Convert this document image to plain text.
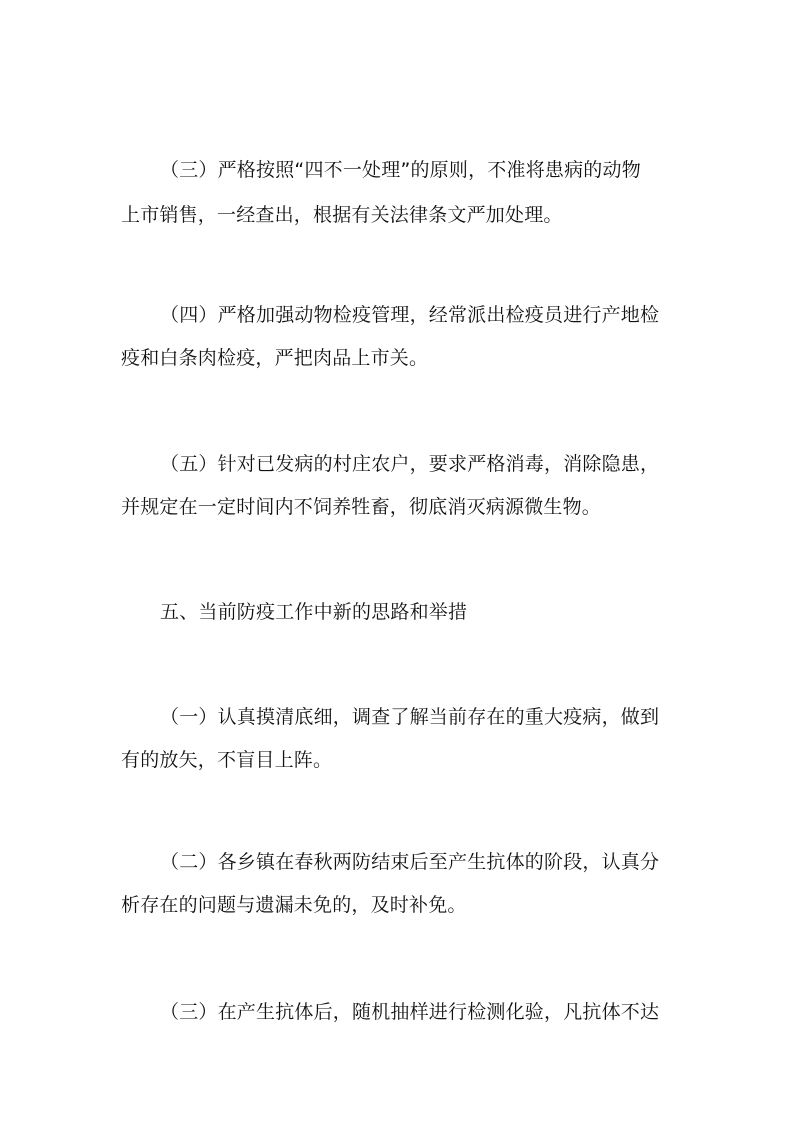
（三）严格按照“四不一处理”的原则，不准将患病的动物
上市销售，一经查出，根据有关法律条文严加处理。
（四）严格加强动物检疫管理，经常派出检疫员进行产地检
疫和白条肉检疫，严把肉品上市关。
（五）针对已发病的村庄农户，要求严格消毒，消除隐患，
并规定在一定时间内不饲养牲畜，彻底消灭病源微生物。
五、当前防疫工作中新的思路和举措
（一）认真摸清底细，调查了解当前存在的重大疫病，做到
有的放矢，不盲目上阵。
（二）各乡镇在春秋两防结束后至产生抗体的阶段，认真分
析存在的问题与遗漏未免的，及时补免。
（三）在产生抗体后，随机抽样进行检测化验，凡抗体不达
